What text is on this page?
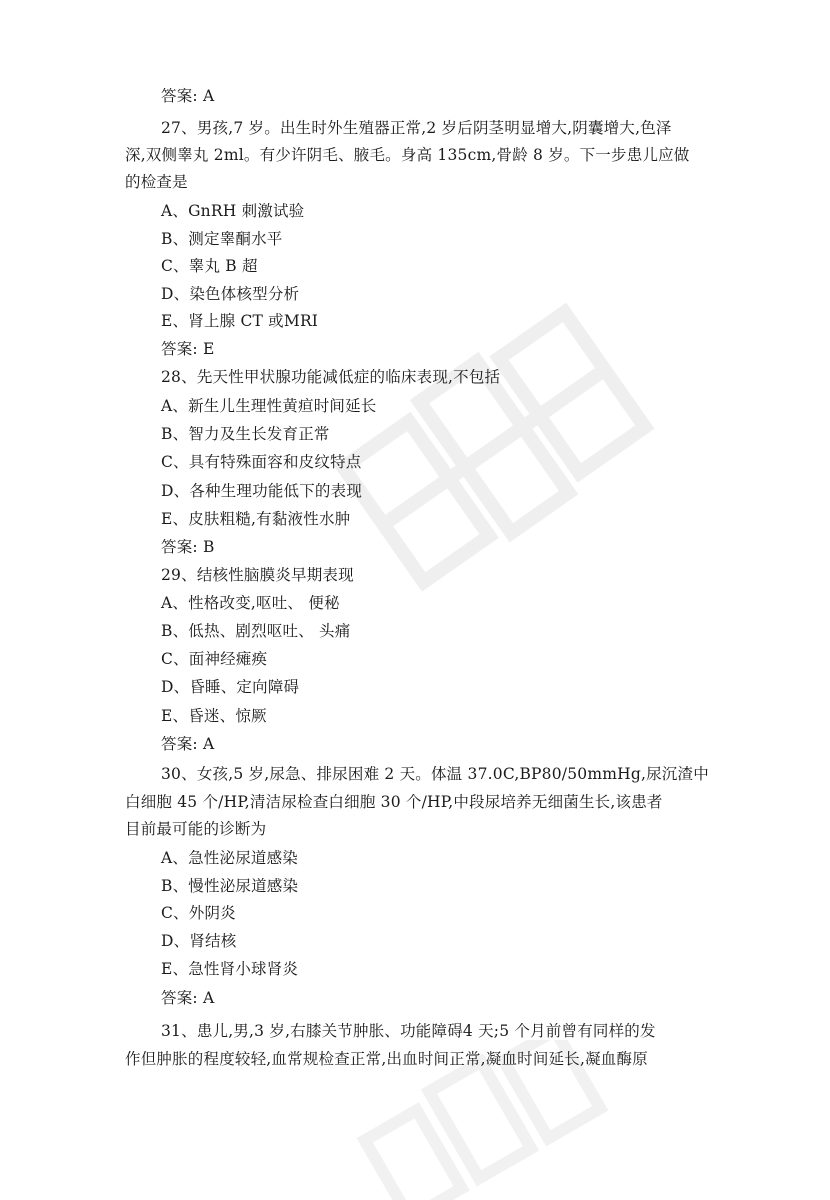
答案: A
27、男孩,7 岁。出生时外生殖器正常,2 岁后阴茎明显增大,阴囊增大,色泽
深,双侧睾丸 2ml。有少许阴毛、腋毛。身高 135cm,骨龄 8 岁。下一步患儿应做
的检查是
A、GnRH 刺激试验
B、测定睾酮水平
C、睾丸 B 超
D、染色体核型分析
E、肾上腺 CT 或MRI
答案: E
28、先天性甲状腺功能减低症的临床表现,不包括
A、新生儿生理性黄疸时间延长
B、智力及生长发育正常
C、具有特殊面容和皮纹特点
D、各种生理功能低下的表现
E、皮肤粗糙,有黏液性水肿
答案: B
29、结核性脑膜炎早期表现
A、性格改变,呕吐、 便秘
B、低热、剧烈呕吐、 头痛
C、面神经瘫痪
D、昏睡、定向障碍
E、昏迷、惊厥
答案: A
30、女孩,5 岁,尿急、排尿困难 2 天。体温 37.0C,BP80/50mmHg,尿沉渣中
白细胞 45 个/HP,清洁尿检查白细胞 30 个/HP,中段尿培养无细菌生长,该患者
目前最可能的诊断为
A、急性泌尿道感染
B、慢性泌尿道感染
C、外阴炎
D、肾结核
E、急性肾小球肾炎
答案: A
31、患儿,男,3 岁,右膝关节肿胀、功能障碍4 天;5 个月前曾有同样的发
作但肿胀的程度较轻,血常规检查正常,出血时间正常,凝血时间延长,凝血酶原
